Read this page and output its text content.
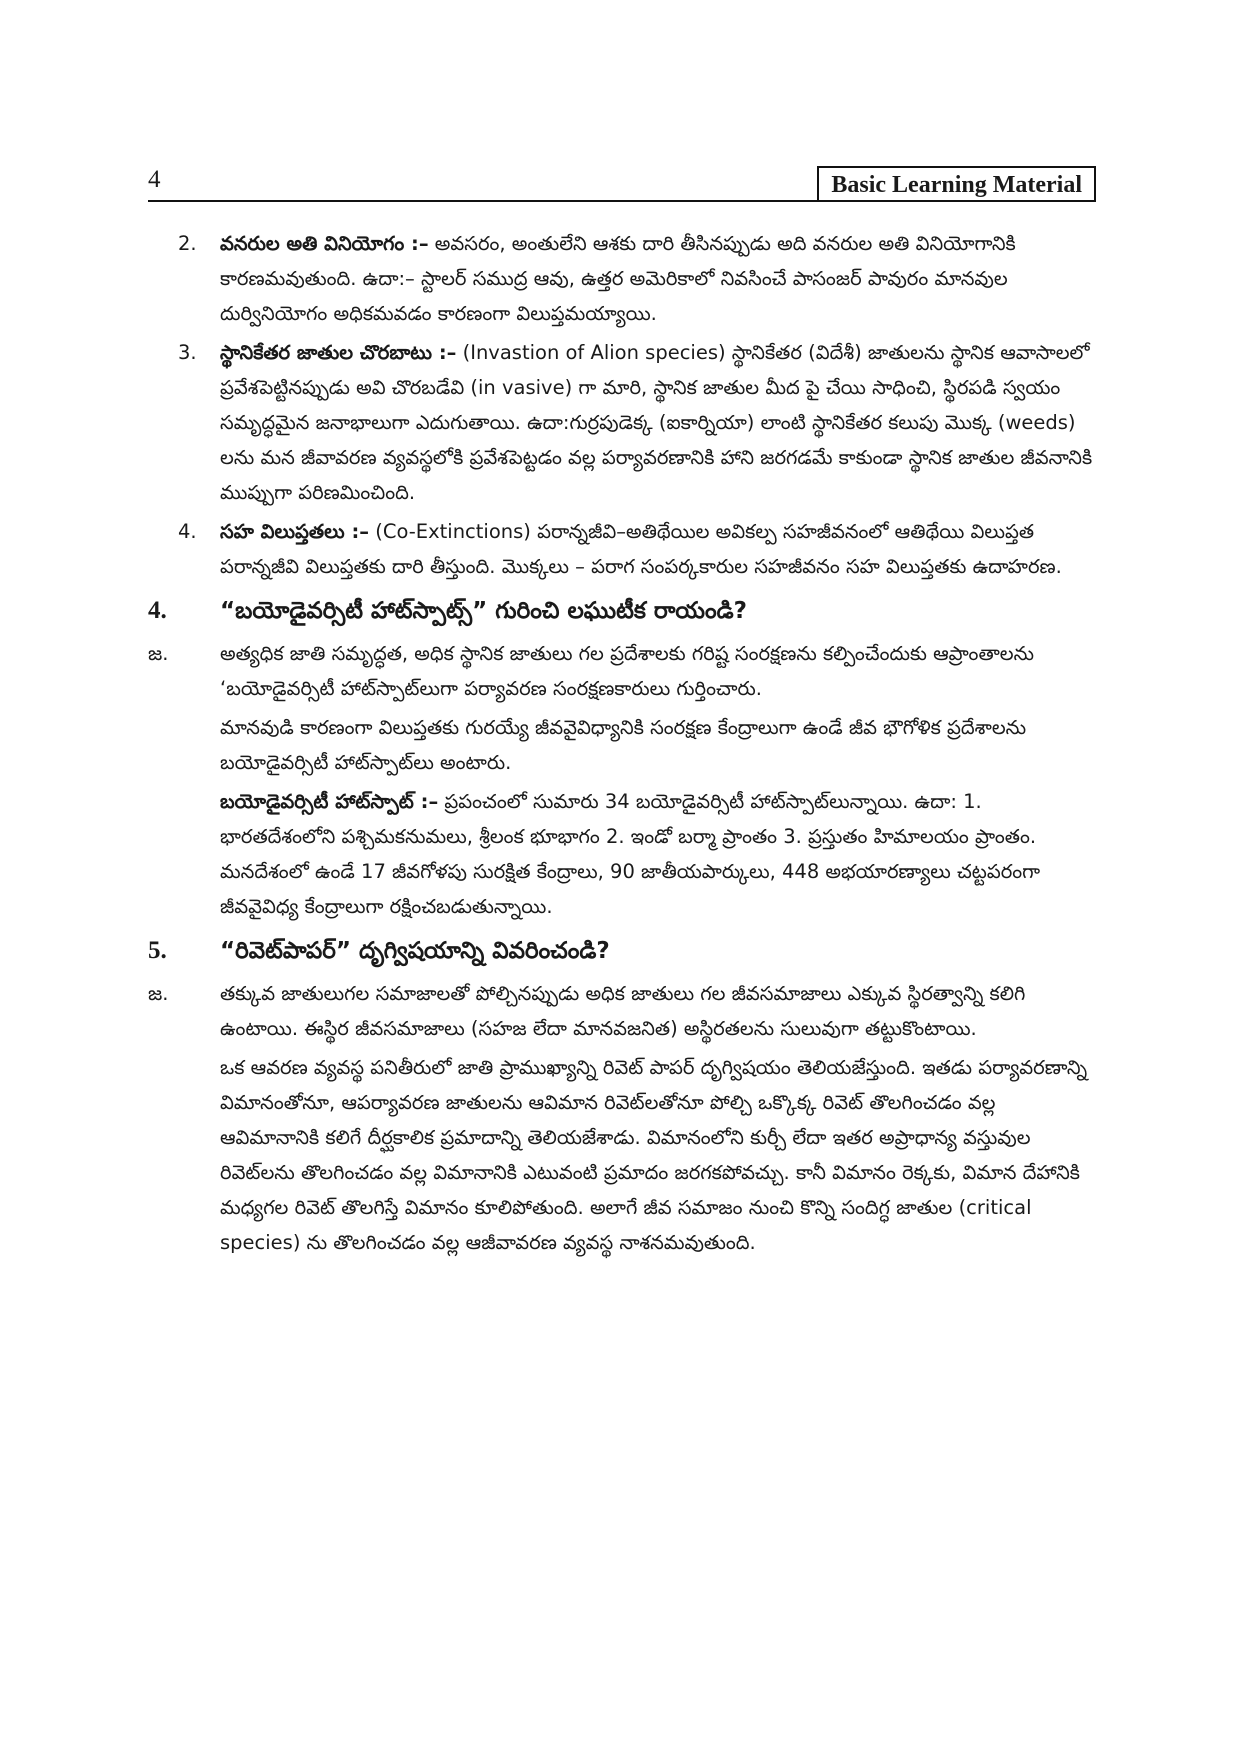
4	Basic Learning Material
2. వనరుల అతి వినియోగం :– అవసరం, అంతులేని ఆశకు దారి తీసినప్పుడు అది వనరుల అతి వినియోగానికి కారణమవుతుంది. ఉదా:– స్టాలర్ సముద్ర ఆవు, ఉత్తర అమెరికాలో నివసించే పాసంజర్ పావురం మానవుల దుర్వినియోగం అధికమవడం కారణంగా విలుప్తమయ్యాయి.
3. స్థానికేతర జాతుల చొరబాటు :– (Invastion of Alion species) స్థానికేతర (విదేశీ) జాతులను స్థానిక ఆవాసాలలో ప్రవేశపెట్టినప్పుడు అవి చొరబడేవి (in vasive) గా మారి, స్థానిక జాతుల మీద పై చేయి సాధించి, స్థిరపడి స్వయం సమృద్ధమైన జనాభాలుగా ఎదుగుతాయి. ఉదా:గుర్రపుడెక్క (ఐకార్నియా) లాంటి స్థానికేతర కలుపు మొక్క (weeds) లను మన జీవావరణ వ్యవస్థలోకి ప్రవేశపెట్టడం వల్ల పర్యావరణానికి హాని జరగడమే కాకుండా స్థానిక జాతుల జీవనానికి ముప్పుగా పరిణమించింది.
4. సహ విలుప్తతలు :– (Co-Extinctions) పరాన్నజీవి–అతిథేయిల అవికల్ప సహజీవనంలో ఆతిథేయి విలుప్తత పరాన్నజీవి విలుప్తతకు దారి తీస్తుంది. మొక్కలు – పరాగ సంపర్కకారుల సహజీవనం సహ విలుప్తతకు ఉదాహరణ.
4. “బయోడైవర్సిటీ హాట్‌స్పాట్స్” గురించి లఘుటీక రాయండి?
జ.	అత్యధిక జాతి సమృద్ధత, అధిక స్థానిక జాతులు గల ప్రదేశాలకు గరిష్ట సంరక్షణను కల్పించేందుకు ఆప్రాంతాలను ‘బయోడైవర్సిటీ హాట్‌స్పాట్‌లుగా పర్యావరణ సంరక్షణకారులు గుర్తించారు.

మానవుడి కారణంగా విలుప్తతకు గురయ్యే జీవవైవిధ్యానికి సంరక్షణ కేంద్రాలుగా ఉండే జీవ భౌగోళిక ప్రదేశాలను బయోడైవర్సిటీ హాట్‌స్పాట్‌లు అంటారు.

బయోడైవర్సిటీ హాట్‌స్పాట్ :– ప్రపంచంలో సుమారు 34 బయోడైవర్సిటీ హాట్‌స్పాట్‌లున్నాయి. ఉదా: 1. భారతదేశంలోని పశ్చిమకనుమలు, శ్రీలంక భూభాగం 2. ఇండో బర్మా ప్రాంతం 3. ప్రస్తుతం హిమాలయం ప్రాంతం. మనదేశంలో ఉండే 17 జీవగోళపు సురక్షిత కేంద్రాలు, 90 జాతీయపార్కులు, 448 అభయారణ్యాలు చట్టపరంగా జీవవైవిధ్య కేంద్రాలుగా రక్షించబడుతున్నాయి.

5. “రివెట్‌పాపర్” దృగ్విషయాన్ని వివరించండి?
జ.	తక్కువ జాతులుగల సమాజాలతో పోల్చినప్పుడు అధిక జాతులు గల జీవసమాజాలు ఎక్కువ స్థిరత్వాన్ని కలిగి ఉంటాయి. ఈస్థిర జీవసమాజాలు (సహజ లేదా మానవజనిత) అస్థిరతలను సులువుగా తట్టుకొంటాయి.

ఒక ఆవరణ వ్యవస్థ పనితీరులో జాతి ప్రాముఖ్యాన్ని రివెట్ పాపర్ దృగ్విషయం తెలియజేస్తుంది. ఇతడు పర్యావరణాన్ని విమానంతోనూ, ఆపర్యావరణ జాతులను ఆవిమాన రివెట్‌లతోనూ పోల్చి ఒక్కొక్క రివెట్ తొలగించడం వల్ల ఆవిమానానికి కలిగే దీర్ఘకాలిక ప్రమాదాన్ని తెలియజేశాడు. విమానంలోని కుర్చీ లేదా ఇతర అప్రాధాన్య వస్తువుల రివెట్‌లను తొలగించడం వల్ల విమానానికి ఎటువంటి ప్రమాదం జరగకపోవచ్చు. కానీ విమానం రెక్కకు, విమాన దేహానికి మధ్యగల రివెట్ తొలగిస్తే విమానం కూలిపోతుంది. అలాగే జీవ సమాజం నుంచి కొన్ని సందిగ్ధ జాతుల (critical species) ను తొలగించడం వల్ల ఆజీవావరణ వ్యవస్థ నాశనమవుతుంది.
